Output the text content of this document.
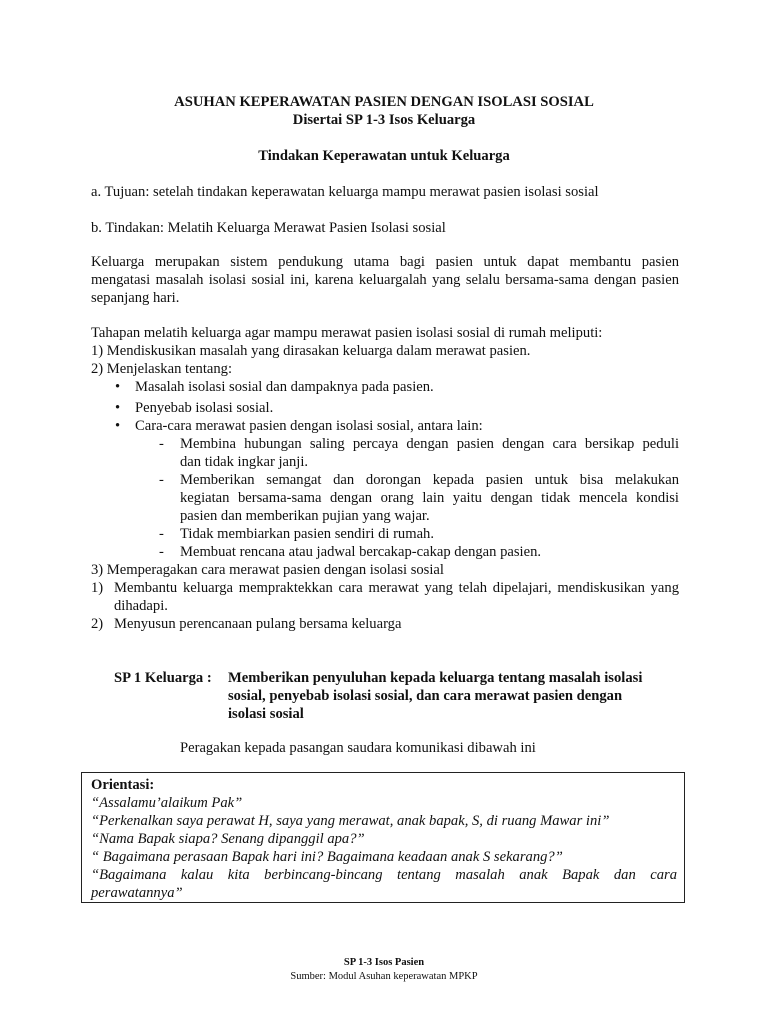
ASUHAN KEPERAWATAN PASIEN DENGAN ISOLASI SOSIAL
Disertai SP 1-3 Isos Keluarga
Tindakan Keperawatan untuk Keluarga
a. Tujuan: setelah tindakan keperawatan keluarga mampu merawat pasien isolasi sosial
b. Tindakan: Melatih Keluarga Merawat Pasien Isolasi sosial
Keluarga merupakan sistem pendukung utama bagi pasien untuk dapat membantu pasien
mengatasi masalah isolasi sosial ini, karena keluargalah yang selalu bersama-sama dengan pasien
sepanjang hari.
Tahapan melatih keluarga agar mampu merawat pasien isolasi sosial di rumah meliputi:
1) Mendiskusikan masalah yang dirasakan keluarga dalam merawat pasien.
2) Menjelaskan tentang:
• Masalah isolasi sosial dan dampaknya pada pasien.
• Penyebab isolasi sosial.
• Cara-cara merawat pasien dengan isolasi sosial, antara lain:
- Membina hubungan saling percaya dengan pasien dengan cara bersikap peduli
dan tidak ingkar janji.
- Memberikan semangat dan dorongan kepada pasien untuk bisa melakukan
kegiatan bersama-sama dengan orang lain yaitu dengan tidak mencela kondisi
pasien dan memberikan pujian yang wajar.
- Tidak membiarkan pasien sendiri di rumah.
- Membuat rencana atau jadwal bercakap-cakap dengan pasien.
3) Memperagakan cara merawat pasien dengan isolasi sosial
1) Membantu keluarga mempraktekkan cara merawat yang telah dipelajari, mendiskusikan yang
dihadapi.
2) Menyusun perencanaan pulang bersama keluarga
SP 1 Keluarga : Memberikan penyuluhan kepada keluarga tentang masalah isolasi
sosial, penyebab isolasi sosial, dan cara merawat pasien dengan
isolasi sosial
Peragakan kepada pasangan saudara komunikasi dibawah ini
Orientasi:
“Assalamu’alaikum Pak”
“Perkenalkan saya perawat H, saya yang merawat, anak bapak, S, di ruang Mawar ini”
“Nama Bapak siapa? Senang dipanggil apa?”
“ Bagaimana perasaan Bapak hari ini? Bagaimana keadaan anak S sekarang?”
“Bagaimana kalau kita berbincang-bincang tentang masalah anak Bapak dan cara
perawatannya”
SP 1-3 Isos Pasien
Sumber: Modul Asuhan keperawatan MPKP
